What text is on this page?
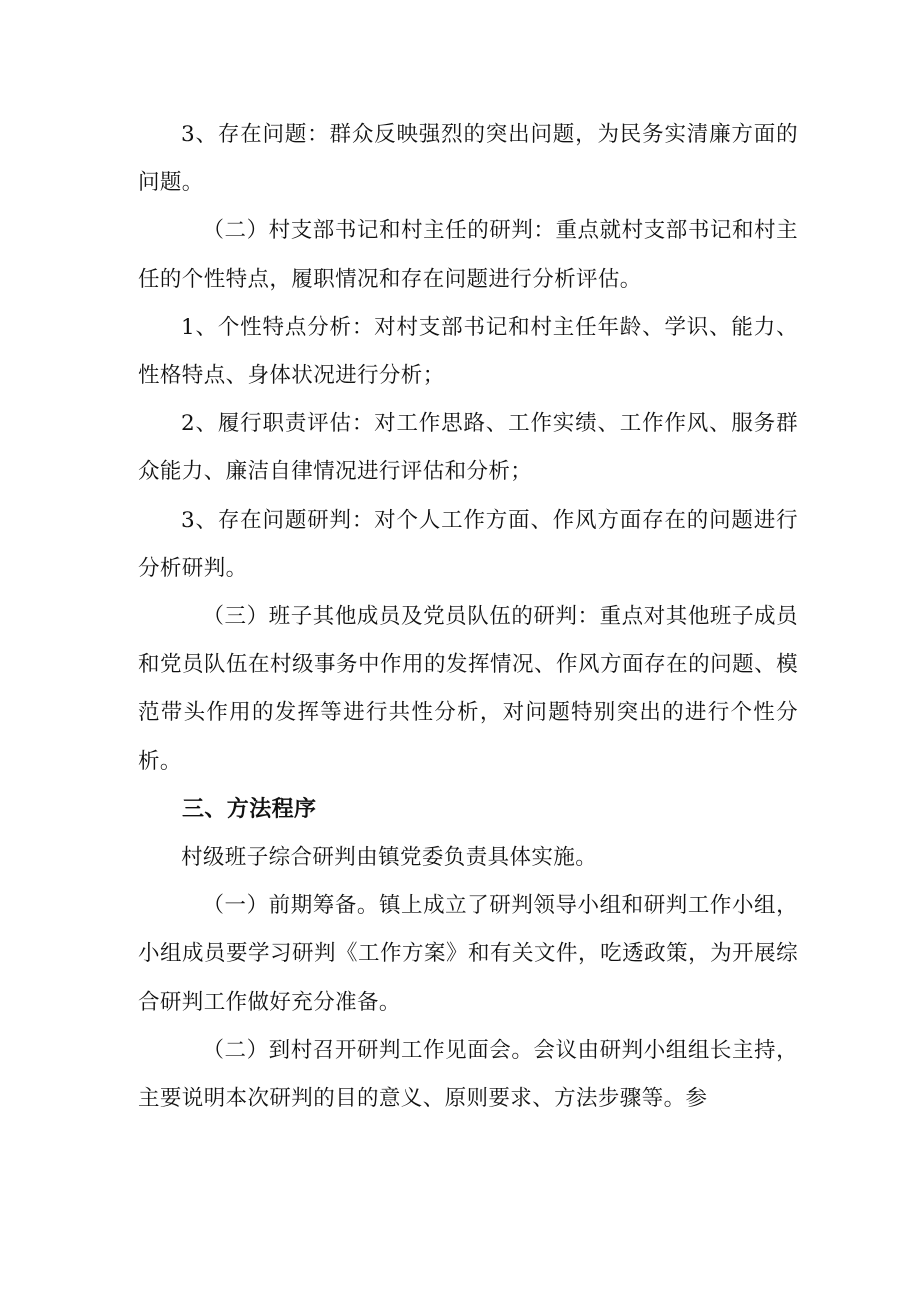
3、存在问题：群众反映强烈的突出问题，为民务实清廉方面的问题。

（二）村支部书记和村主任的研判：重点就村支部书记和村主任的个性特点，履职情况和存在问题进行分析评估。

1、个性特点分析：对村支部书记和村主任年龄、学识、能力、性格特点、身体状况进行分析；

2、履行职责评估：对工作思路、工作实绩、工作作风、服务群众能力、廉洁自律情况进行评估和分析；

3、存在问题研判：对个人工作方面、作风方面存在的问题进行分析研判。

（三）班子其他成员及党员队伍的研判：重点对其他班子成员和党员队伍在村级事务中作用的发挥情况、作风方面存在的问题、模范带头作用的发挥等进行共性分析，对问题特别突出的进行个性分析。

三、方法程序

村级班子综合研判由镇党委负责具体实施。

（一）前期筹备。镇上成立了研判领导小组和研判工作小组，小组成员要学习研判《工作方案》和有关文件，吃透政策，为开展综合研判工作做好充分准备。

（二）到村召开研判工作见面会。会议由研判小组组长主持，主要说明本次研判的目的意义、原则要求、方法步骤等。参
